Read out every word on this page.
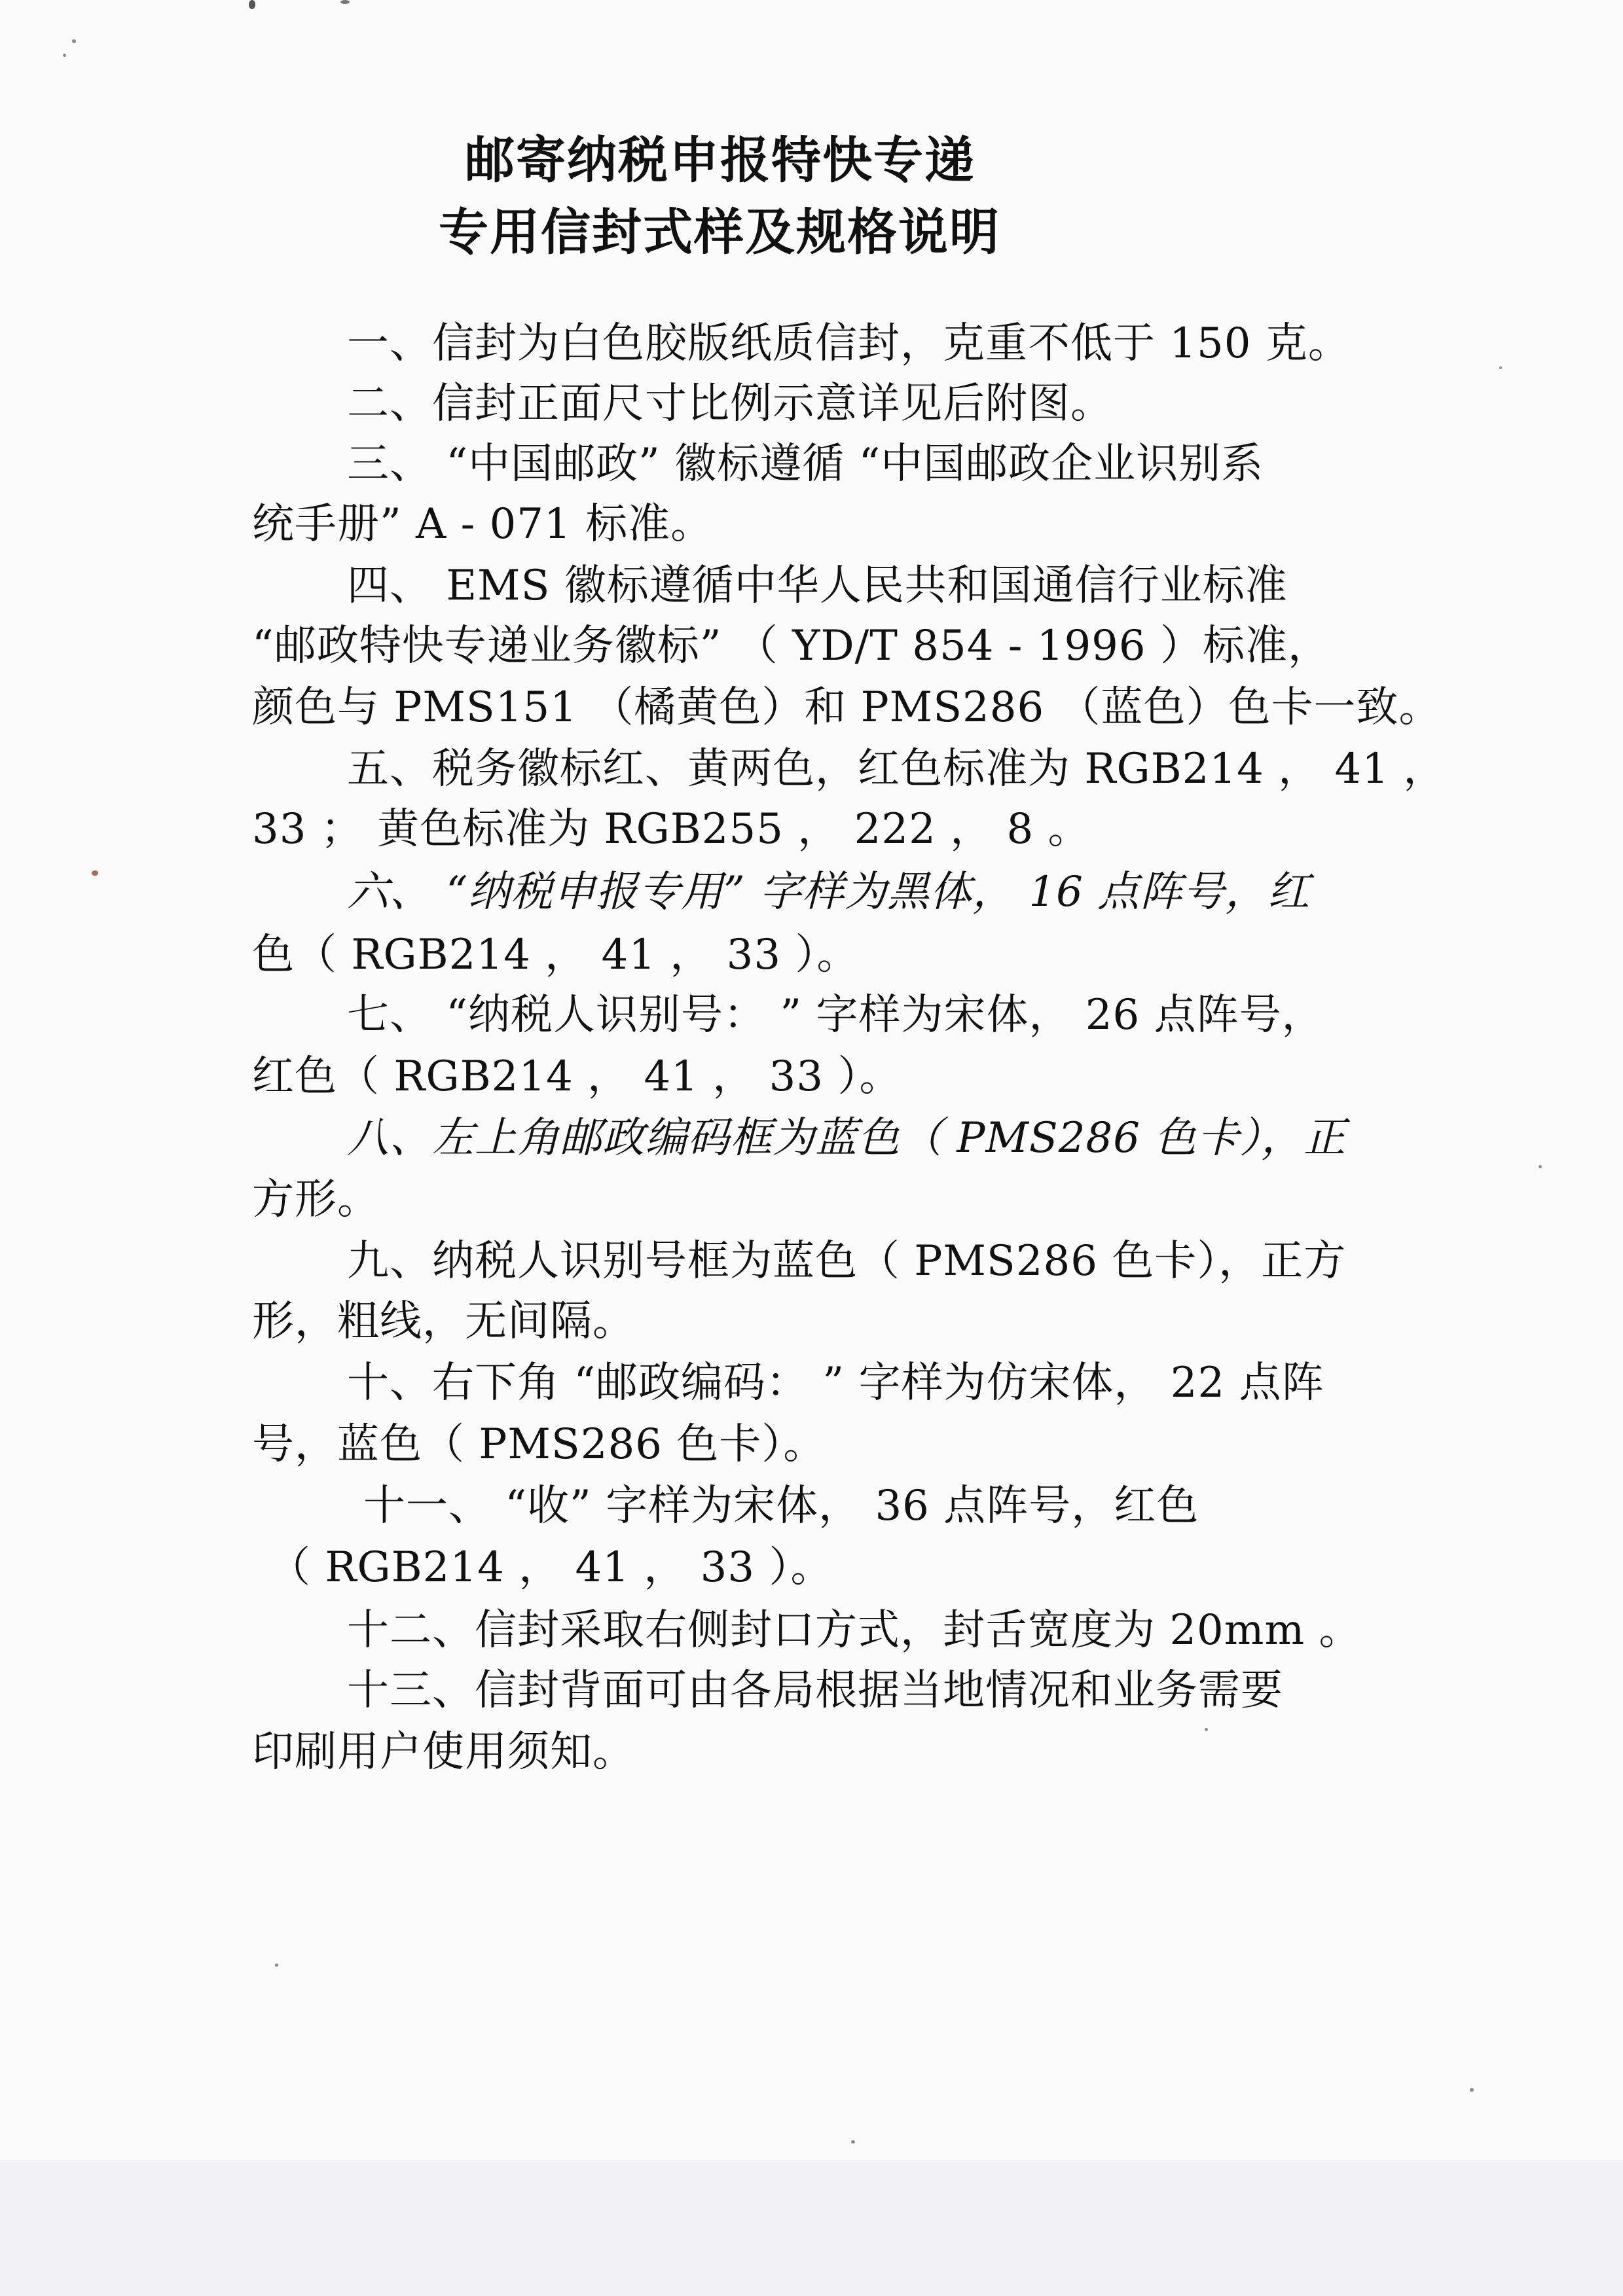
邮寄纳税申报特快专递
专用信封式样及规格说明
一、信封为白色胶版纸质信封，克重不低于 150 克。
二、信封正面尺寸比例示意详见后附图。
三、 “中国邮政” 徽标遵循 “中国邮政企业识别系
统手册” A - 071 标准。
四、 EMS 徽标遵循中华人民共和国通信行业标准
“邮政特快专递业务徽标” （ YD/T 854 - 1996 ）标准，
颜色与 PMS151 （橘黄色）和 PMS286 （蓝色）色卡一致。
五、税务徽标红、黄两色，红色标准为 RGB214 ， 41 ，
33 ； 黄色标准为 RGB255 ， 222 ， 8 。
六、 “纳税申报专用” 字样为黑体， 16 点阵号，红
色（ RGB214 ， 41 ， 33 ）。
七、 “纳税人识别号： ” 字样为宋体， 26 点阵号，
红色（ RGB214 ， 41 ， 33 ）。
八、左上角邮政编码框为蓝色（ PMS286 色卡），正
方形。
九、纳税人识别号框为蓝色（ PMS286 色卡），正方
形，粗线，无间隔。
十、右下角 “邮政编码： ” 字样为仿宋体， 22 点阵
号，蓝色（ PMS286 色卡）。
十一、 “收” 字样为宋体， 36 点阵号，红色
（ RGB214 ， 41 ， 33 ）。
十二、信封采取右侧封口方式，封舌宽度为 20mm 。
十三、信封背面可由各局根据当地情况和业务需要
印刷用户使用须知。
